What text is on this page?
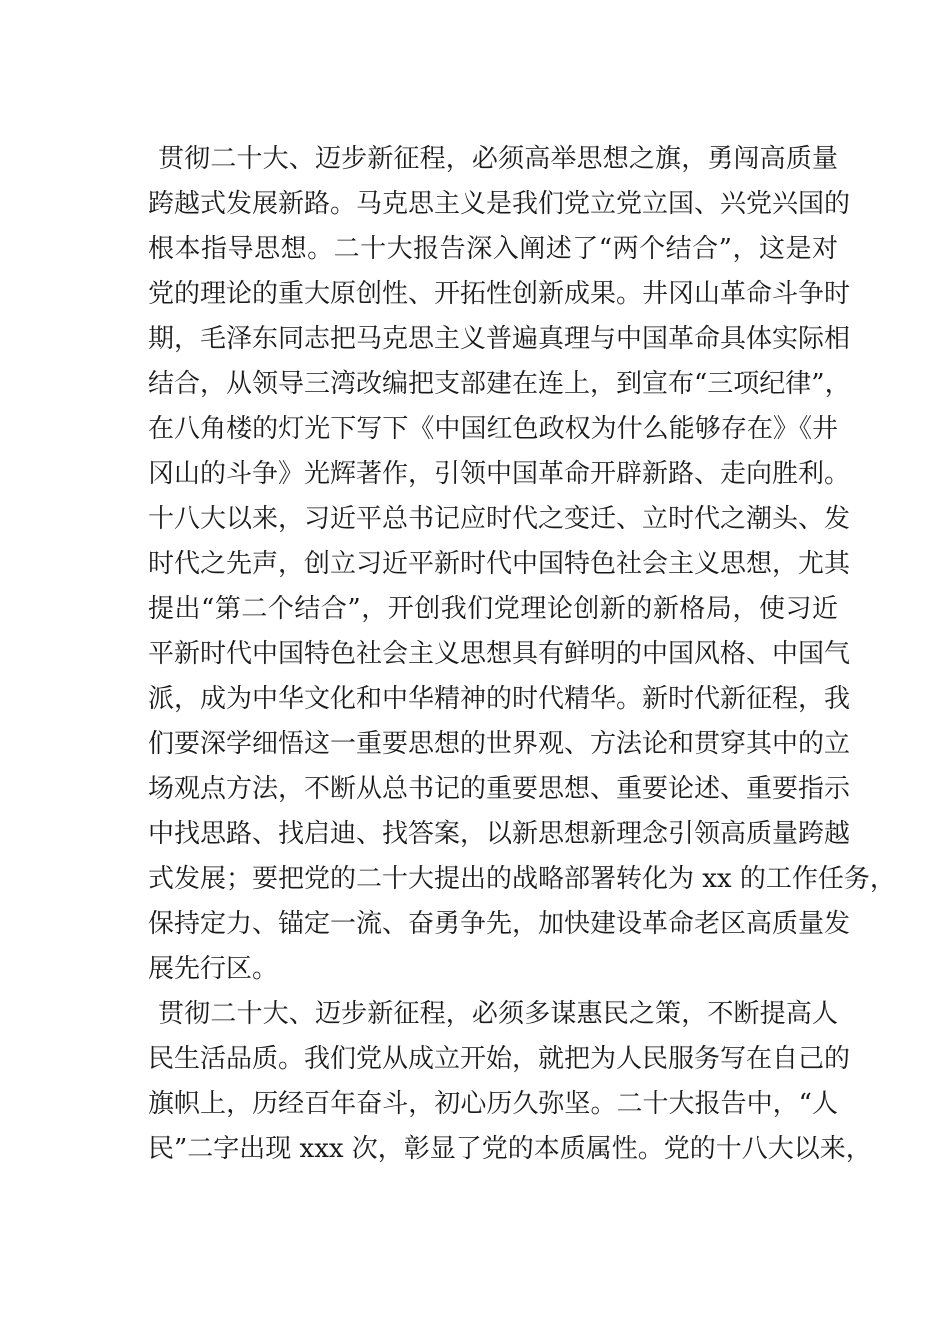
贯彻二十大、迈步新征程，必须高举思想之旗，勇闯高质量
跨越式发展新路。马克思主义是我们党立党立国、兴党兴国的
根本指导思想。二十大报告深入阐述了“两个结合”，这是对
党的理论的重大原创性、开拓性创新成果。井冈山革命斗争时
期，毛泽东同志把马克思主义普遍真理与中国革命具体实际相
结合，从领导三湾改编把支部建在连上，到宣布“三项纪律”，
在八角楼的灯光下写下《中国红色政权为什么能够存在》《井
冈山的斗争》光辉著作，引领中国革命开辟新路、走向胜利。
十八大以来，习近平总书记应时代之变迁、立时代之潮头、发
时代之先声，创立习近平新时代中国特色社会主义思想，尤其
提出“第二个结合”，开创我们党理论创新的新格局，使习近
平新时代中国特色社会主义思想具有鲜明的中国风格、中国气
派，成为中华文化和中华精神的时代精华。新时代新征程，我
们要深学细悟这一重要思想的世界观、方法论和贯穿其中的立
场观点方法，不断从总书记的重要思想、重要论述、重要指示
中找思路、找启迪、找答案，以新思想新理念引领高质量跨越
式发展；要把党的二十大提出的战略部署转化为 xx 的工作任务，
保持定力、锚定一流、奋勇争先，加快建设革命老区高质量发
展先行区。

贯彻二十大、迈步新征程，必须多谋惠民之策，不断提高人
民生活品质。我们党从成立开始，就把为人民服务写在自己的
旗帜上，历经百年奋斗，初心历久弥坚。二十大报告中，“人
民”二字出现 xxx 次，彰显了党的本质属性。党的十八大以来，
